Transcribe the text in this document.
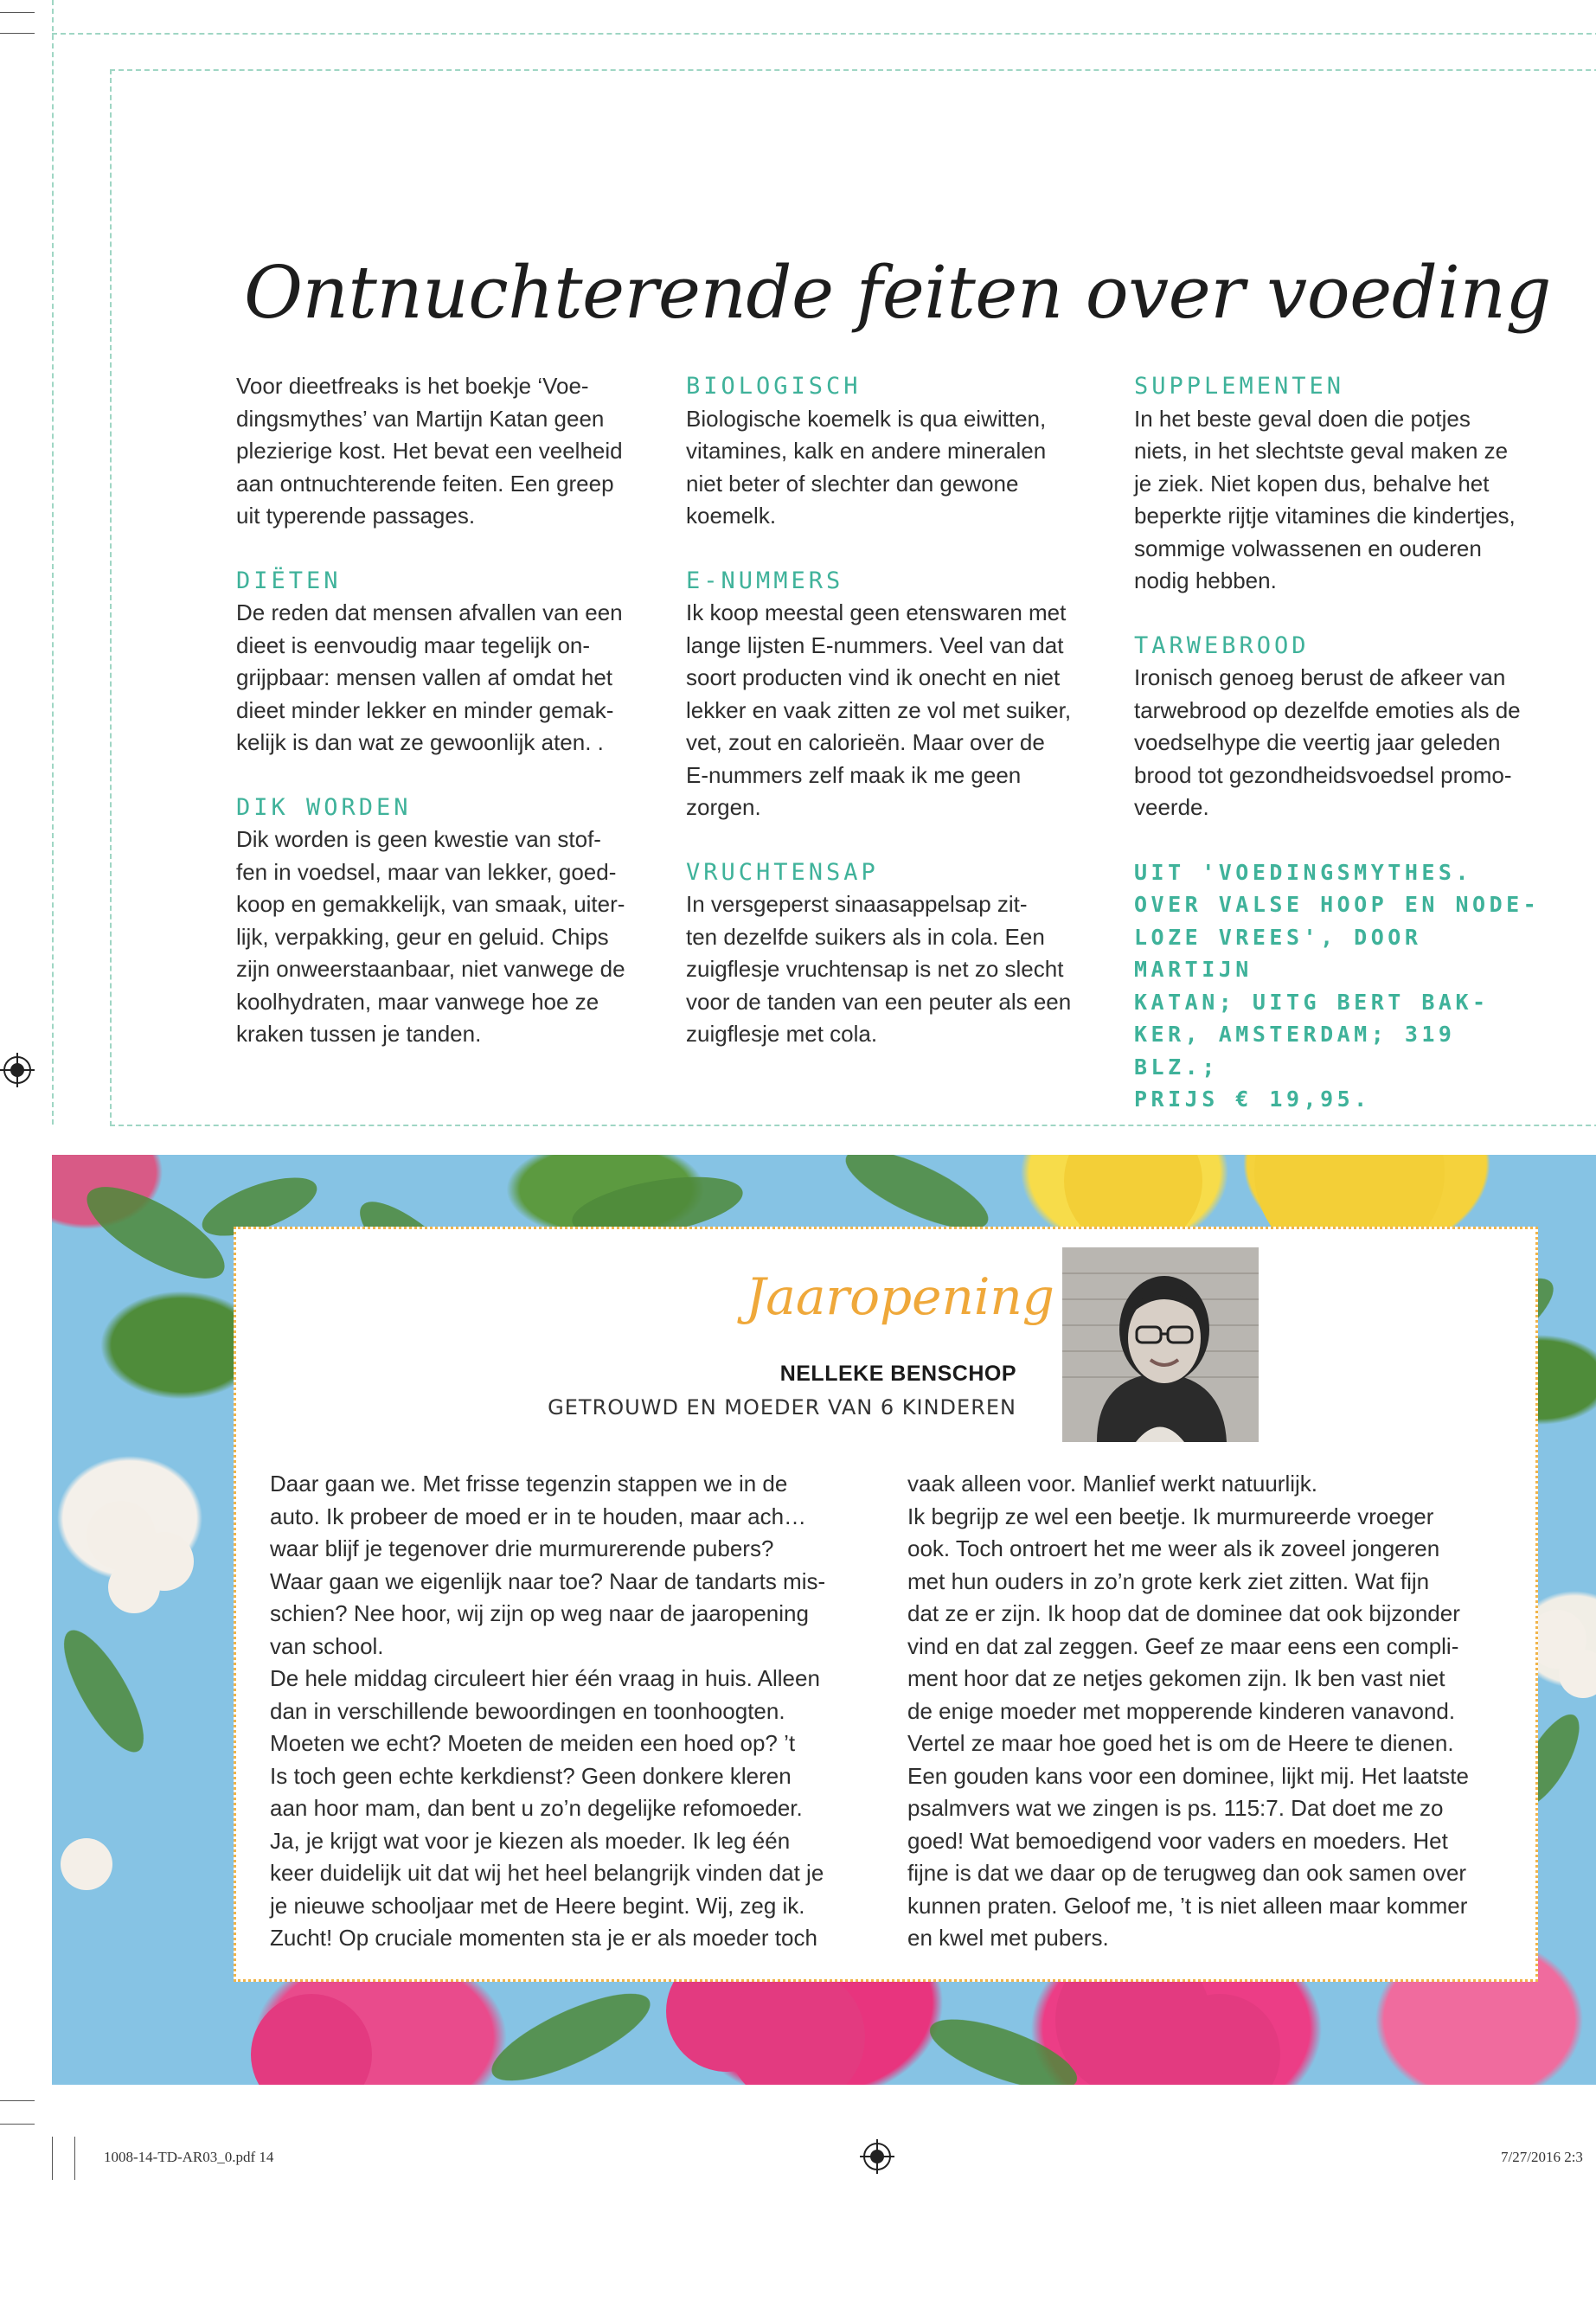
Ontnuchterende feiten over voeding

Voor dieetfreaks is het boekje ‘Voe-

dingsmythes’ van Martijn Katan geen

plezierige kost. Het bevat een veelheid

aan ontnuchterende feiten. Een greep

uit typerende passages.

DIËTEN

De reden dat mensen afvallen van een

dieet is eenvoudig maar tegelijk on-

grijpbaar: mensen vallen af omdat het

dieet minder lekker en minder gemak-

kelijk is dan wat ze gewoonlijk aten. .

DIK WORDEN

Dik worden is geen kwestie van stof-

fen in voedsel, maar van lekker, goed-

koop en gemakkelijk, van smaak, uiter-

lijk, verpakking, geur en geluid. Chips

zijn onweerstaanbaar, niet vanwege de

koolhydraten, maar vanwege hoe ze

kraken tussen je tanden.

BIOLOGISCH

Biologische koemelk is qua eiwitten,

vitamines, kalk en andere mineralen

niet beter of slechter dan gewone

koemelk.

E-NUMMERS

Ik koop meestal geen etenswaren met

lange lijsten E-nummers. Veel van dat

soort producten vind ik onecht en niet

lekker en vaak zitten ze vol met suiker,

vet, zout en calorieën. Maar over de

E-nummers zelf maak ik me geen

zorgen.

VRUCHTENSAP

In versgeperst sinaasappelsap zit-

ten dezelfde suikers als in cola. Een

zuigflesje vruchtensap is net zo slecht

voor de tanden van een peuter als een

zuigflesje met cola.

SUPPLEMENTEN

In het beste geval doen die potjes

niets, in het slechtste geval maken ze

je ziek. Niet kopen dus, behalve het

beperkte rijtje vitamines die kindertjes,

sommige volwassenen en ouderen

nodig hebben.

TARWEBROOD

Ironisch genoeg berust de afkeer van

tarwebrood op dezelfde emoties als de

voedselhype die veertig jaar geleden

brood tot gezondheidsvoedsel promo-

veerde.

UIT 'VOEDINGSMYTHES.

OVER VALSE HOOP EN NODE-

LOZE VREES', DOOR MARTIJN

KATAN; UITG BERT BAK-

KER, AMSTERDAM; 319 BLZ.;

PRIJS € 19,95.

Jaaropening

NELLEKE BENSCHOP

GETROUWD EN MOEDER VAN 6 KINDEREN

Daar gaan we. Met frisse tegenzin stappen we in de

auto. Ik probeer de moed er in te houden, maar ach…

waar blijf je tegenover drie murmurerende pubers?

Waar gaan we eigenlijk naar toe? Naar de tandarts mis-

schien? Nee hoor, wij zijn op weg naar de jaaropening

van school.

De hele middag circuleert hier één vraag in huis. Alleen

dan in verschillende bewoordingen en toonhoogten.

Moeten we echt? Moeten de meiden een hoed op? ’t

Is toch geen echte kerkdienst? Geen donkere kleren

aan hoor mam, dan bent u zo’n degelijke refomoeder.

Ja, je krijgt wat voor je kiezen als moeder. Ik leg één

keer duidelijk uit dat wij het heel belangrijk vinden dat je

je nieuwe schooljaar met de Heere begint. Wij, zeg ik.

Zucht! Op cruciale momenten sta je er als moeder toch

vaak alleen voor. Manlief werkt natuurlijk.

Ik begrijp ze wel een beetje. Ik murmureerde vroeger

ook. Toch ontroert het me weer als ik zoveel jongeren

met hun ouders in zo’n grote kerk ziet zitten. Wat fijn

dat ze er zijn. Ik hoop dat de dominee dat ook bijzonder

vind en dat zal zeggen. Geef ze maar eens een compli-

ment hoor dat ze netjes gekomen zijn. Ik ben vast niet

de enige moeder met mopperende kinderen vanavond.

Vertel ze maar hoe goed het is om de Heere te dienen.

Een gouden kans voor een dominee, lijkt mij. Het laatste

psalmvers wat we zingen is ps. 115:7. Dat doet me zo

goed! Wat bemoedigend voor vaders en moeders. Het

fijne is dat we daar op de terugweg dan ook samen over

kunnen praten. Geloof me, ’t is niet alleen maar kommer

en kwel met pubers.

1008-14-TD-AR03_0.pdf 14	7/27/2016 2:3
